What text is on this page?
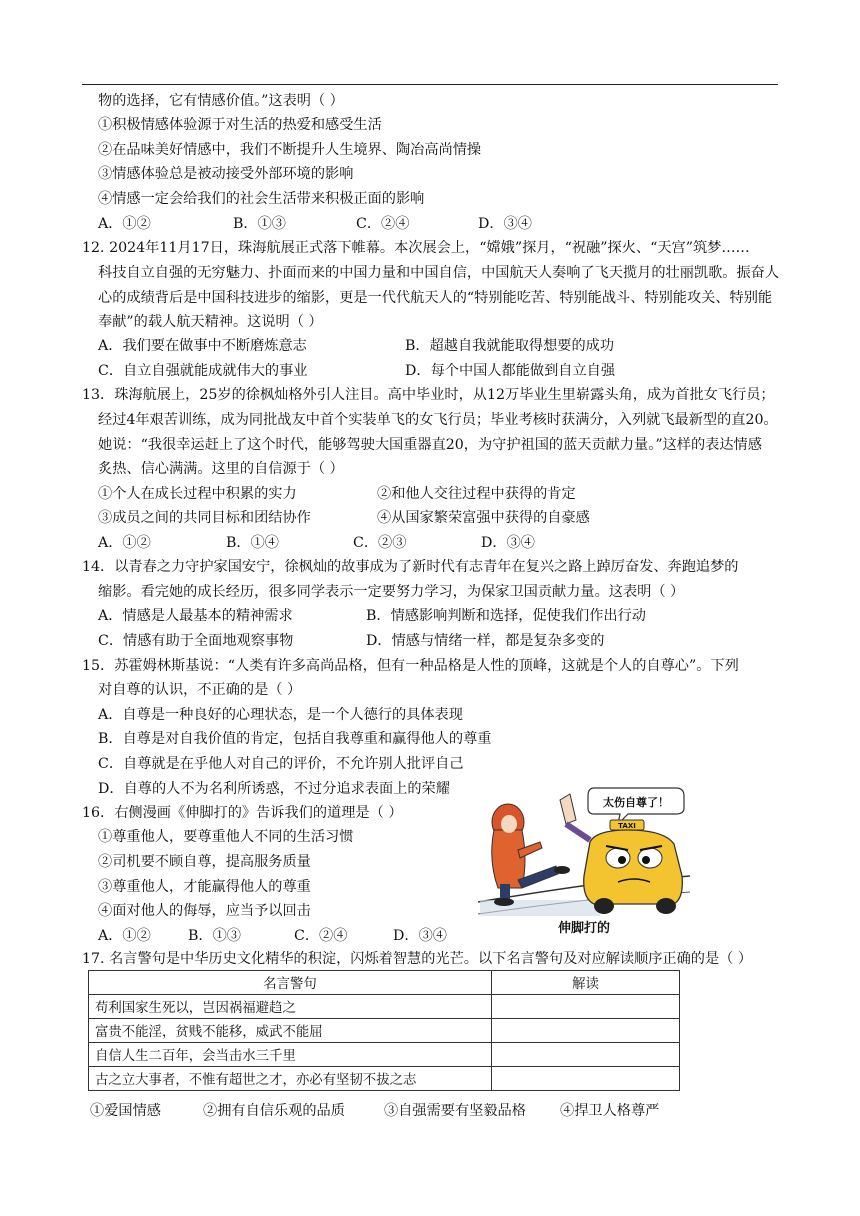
物的选择，它有情感价值。”这表明（ ）
①积极情感体验源于对生活的热爱和感受生活
②在品味美好情感中，我们不断提升人生境界、陶冶高尚情操
③情感体验总是被动接受外部环境的影响
④情感一定会给我们的社会生活带来积极正面的影响
A．①②	B．①③	C．②④	D．③④
12. 2024年11月17日，珠海航展正式落下帷幕。本次展会上，“嫦娥”探月，“祝融”探火、“天宫”筑梦……
科技自立自强的无穷魅力、扑面而来的中国力量和中国自信，中国航天人奏响了飞天揽月的壮丽凯歌。振奋人
心的成绩背后是中国科技进步的缩影，更是一代代航天人的“特别能吃苦、特别能战斗、特别能攻关、特别能
奉献”的载人航天精神。这说明（ ）
A．我们要在做事中不断磨炼意志	B．超越自我就能取得想要的成功
C．自立自强就能成就伟大的事业	D．每个中国人都能做到自立自强
13．珠海航展上，25岁的徐枫灿格外引人注目。高中毕业时，从12万毕业生里崭露头角，成为首批女飞行员；
经过4年艰苦训练，成为同批战友中首个实装单飞的女飞行员；毕业考核时获满分，入列就飞最新型的直20。
她说：“我很幸运赶上了这个时代，能够驾驶大国重器直20，为守护祖国的蓝天贡献力量。”这样的表达情感
炙热、信心满满。这里的自信源于（ ）
①个人在成长过程中积累的实力	②和他人交往过程中获得的肯定
③成员之间的共同目标和团结协作	④从国家繁荣富强中获得的自豪感
A．①②	B．①④	C．②③	D．③④
14．以青春之力守护家国安宁，徐枫灿的故事成为了新时代有志青年在复兴之路上踔厉奋发、奔跑追梦的
缩影。看完她的成长经历，很多同学表示一定要努力学习，为保家卫国贡献力量。这表明（ ）
A．情感是人最基本的精神需求	B．情感影响判断和选择，促使我们作出行动
C．情感有助于全面地观察事物	D．情感与情绪一样，都是复杂多变的
15．苏霍姆林斯基说：“人类有许多高尚品格，但有一种品格是人性的顶峰，这就是个人的自尊心”。下列
对自尊的认识，不正确的是（ ）
A．自尊是一种良好的心理状态，是一个人德行的具体表现
B．自尊是对自我价值的肯定，包括自我尊重和赢得他人的尊重
C．自尊就是在乎他人对自己的评价，不允许别人批评自己
D．自尊的人不为名利所诱惑，不过分追求表面上的荣耀
16．右侧漫画《伸脚打的》告诉我们的道理是（ ）
①尊重他人，要尊重他人不同的生活习惯
②司机要不顾自尊，提高服务质量
③尊重他人，才能赢得他人的尊重
④面对他人的侮辱，应当予以回击
A．①②	B．①③	C．②④	D．③④
太伤自尊了！
TAXI
伸脚打的
17. 名言警句是中华历史文化精华的积淀，闪烁着智慧的光芒。以下名言警句及对应解读顺序正确的是（ ）
名言警句	解读
苟利国家生死以，岂因祸福避趋之	
富贵不能淫，贫贱不能移，威武不能屈	
自信人生二百年，会当击水三千里	
古之立大事者，不惟有超世之才，亦必有坚韧不拔之志	
①爱国情感	②拥有自信乐观的品质	③自强需要有坚毅品格 ④捍卫人格尊严
